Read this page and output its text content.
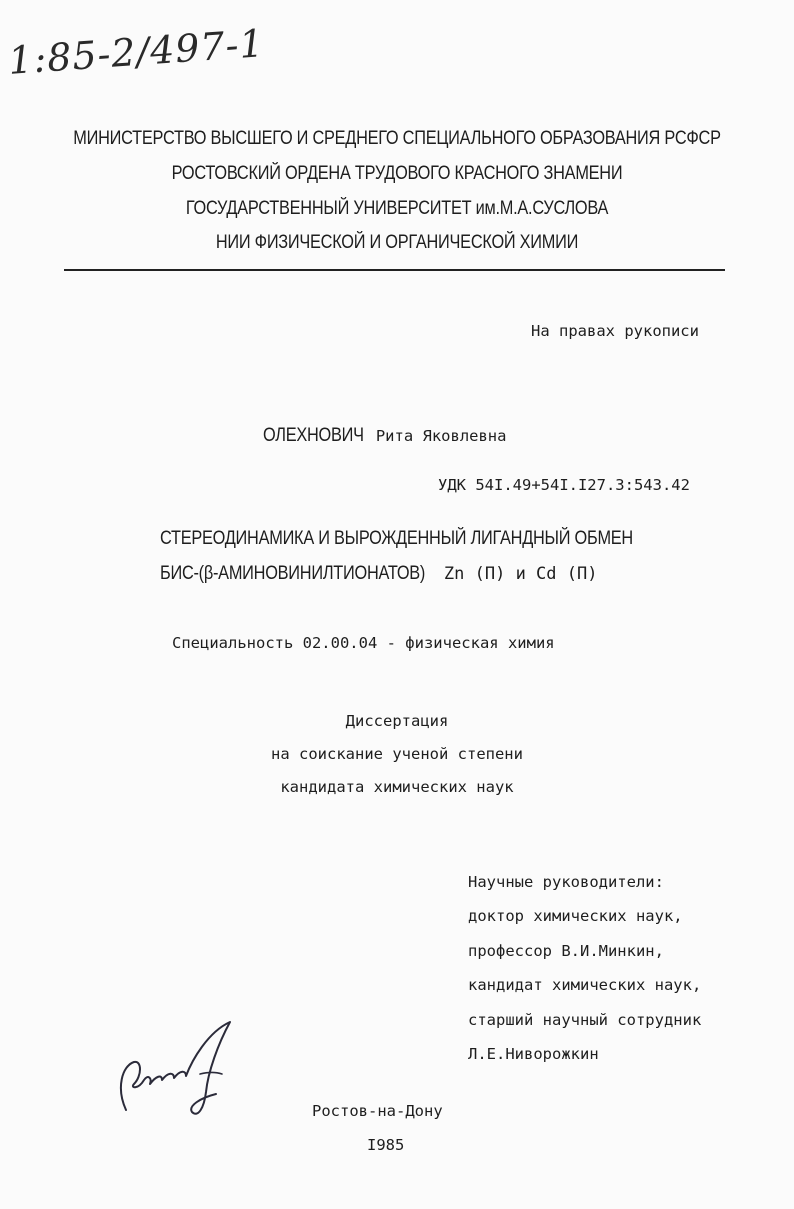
1:85-2/497-1
МИНИСТЕРСТВО ВЫСШЕГО И СРЕДНЕГО СПЕЦИАЛЬНОГО ОБРАЗОВАНИЯ РСФСР
РОСТОВСКИЙ ОРДЕНА ТРУДОВОГО КРАСНОГО ЗНАМЕНИ
ГОСУДАРСТВЕННЫЙ УНИВЕРСИТЕТ им.М.А.СУСЛОВА
НИИ ФИЗИЧЕСКОЙ И ОРГАНИЧЕСКОЙ ХИМИИ
На правах рукописи
ОЛЕХНОВИЧ Рита Яковлевна
УДК 54I.49+54I.I27.3:543.42
СТЕРЕОДИНАМИКА И ВЫРОЖДЕННЫЙ ЛИГАНДНЫЙ ОБМЕН
БИС-(β-АМИНОВИНИЛТИОНАТОВ) Zn (П) и Cd (П)
Специальность 02.00.04 - физическая химия
Диссертация
на соискание ученой степени
кандидата химических наук
Научные руководители:
доктор химических наук,
профессор В.И.Минкин,
кандидат химических наук,
старший научный сотрудник
Л.Е.Ниворожкин
Ростов-на-Дону
I985
